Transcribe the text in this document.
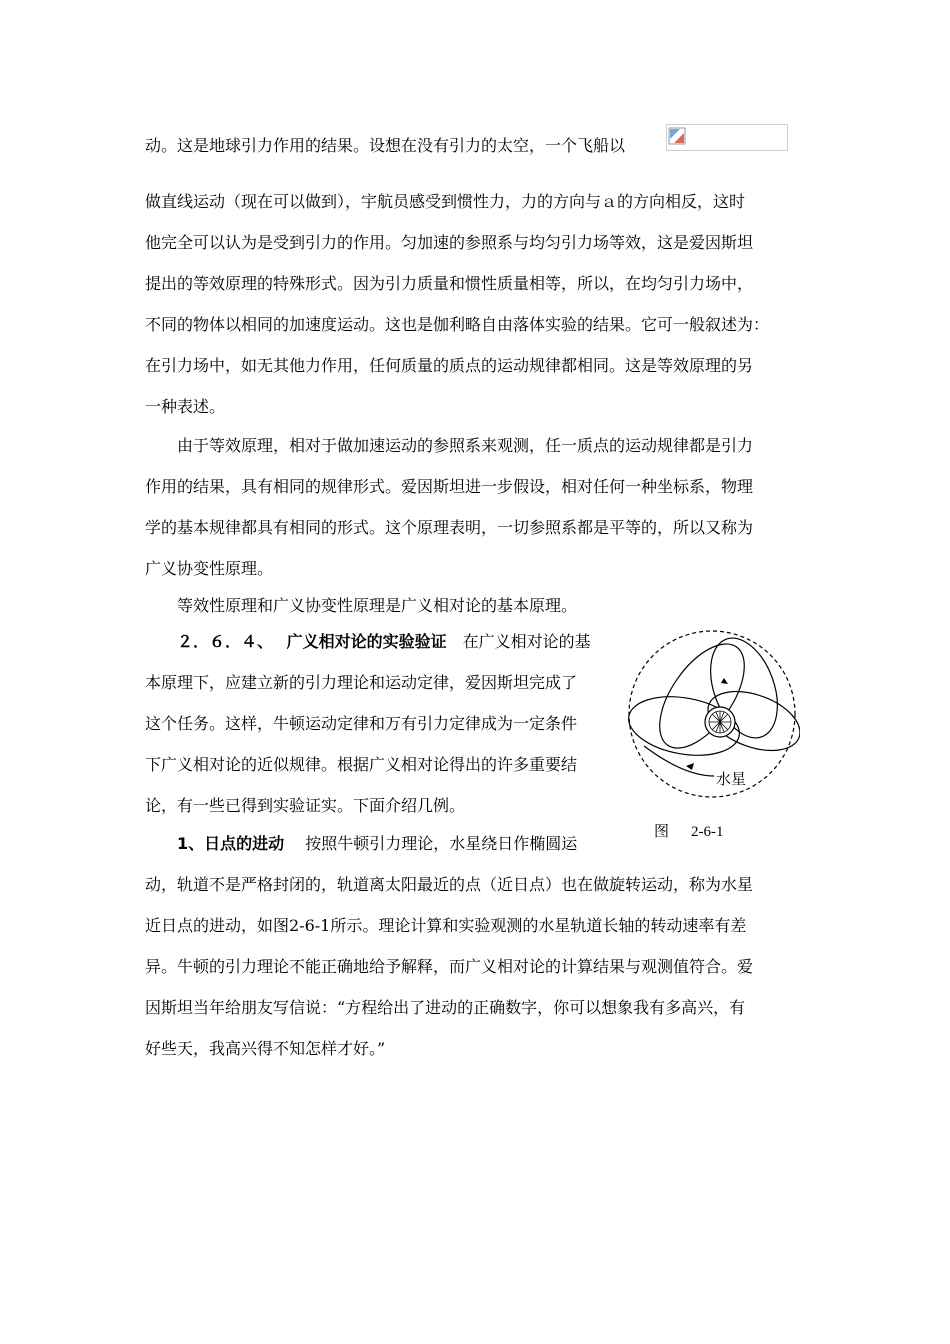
动。这是地球引力作用的结果。设想在没有引力的太空，一个飞船以
做直线运动（现在可以做到），宇航员感受到惯性力，力的方向与ａ的方向相反，这时
他完全可以认为是受到引力的作用。匀加速的参照系与均匀引力场等效，这是爱因斯坦
提出的等效原理的特殊形式。因为引力质量和惯性质量相等，所以，在均匀引力场中，
不同的物体以相同的加速度运动。这也是伽利略自由落体实验的结果。它可一般叙述为：
在引力场中，如无其他力作用，任何质量的质点的运动规律都相同。这是等效原理的另
一种表述。
由于等效原理，相对于做加速运动的参照系来观测，任一质点的运动规律都是引力
作用的结果，具有相同的规律形式。爱因斯坦进一步假设，相对任何一种坐标系，物理
学的基本规律都具有相同的形式。这个原理表明，一切参照系都是平等的，所以又称为
广义协变性原理。
等效性原理和广义协变性原理是广义相对论的基本原理。
２．６．４、　 广义相对论的实验验证　在广义相对论的基
本原理下，应建立新的引力理论和运动定律，爱因斯坦完成了
这个任务。这样，牛顿运动定律和万有引力定律成为一定条件
下广义相对论的近似规律。根据广义相对论得出的许多重要结
论，有一些已得到实验证实。下面介绍几例。
水星
图 2-6-1
1、日点的进动　 按照牛顿引力理论，水星绕日作椭圆运
动，轨道不是严格封闭的，轨道离太阳最近的点（近日点）也在做旋转运动，称为水星
近日点的进动，如图2-6-1所示。理论计算和实验观测的水星轨道长轴的转动速率有差
异。牛顿的引力理论不能正确地给予解释，而广义相对论的计算结果与观测值符合。爱
因斯坦当年给朋友写信说：“方程给出了进动的正确数字，你可以想象我有多高兴，有
好些天，我高兴得不知怎样才好。”
